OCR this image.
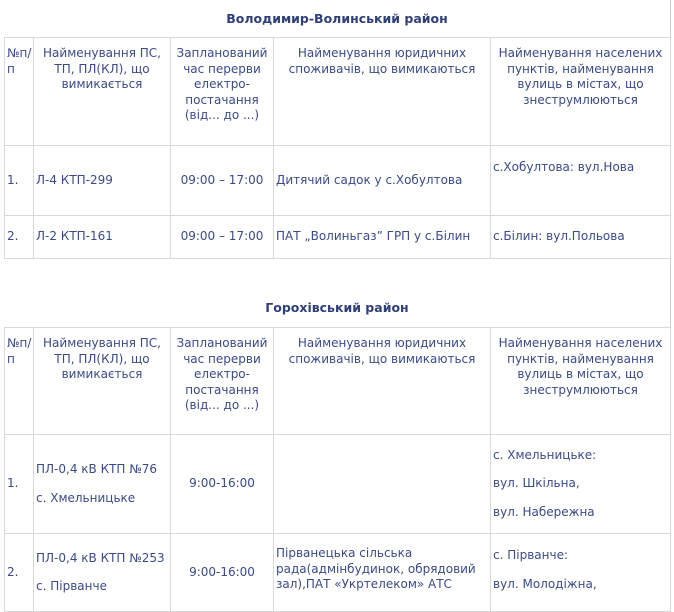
Володимир-Волинський район
№п/
п	Найменування ПС,
ТП, ПЛ(КЛ), що
вимикається	Запланований
час перерви
електро-
постачання
(від... до ...)	Найменування юридичних
споживачів, що вимикаються	Найменування населених
пунктів, найменування
вулиць в містах, що
знеструмлюються

1.	Л-4 КТП-299	09:00 – 17:00	Дитячий садок у с.Хобултова	с.Хобултова: вул.Нова
2.	Л-2 КТП-161	09:00 – 17:00	ПАТ „Волиньгаз” ГРП у с.Білин	с.Білин: вул.Польова
Горохівський район
№п/
п	Найменування ПС,
ТП, ПЛ(КЛ), що
вимикається	Запланований
час перерви
електро-
постачання
(від... до ...)	Найменування юридичних
споживачів, що вимикаються	Найменування населених
пунктів, найменування
вулиць в містах, що
знеструмлюються

1.	ПЛ-0,4 кВ КТП №76
с. Хмельницьке	9:00-16:00		с. Хмельницьке:
вул. Шкільна,
вул. Набережна

2.	ПЛ-0,4 кВ КТП №253
с. Пірванче	9:00-16:00	Пірванецька сільська
рада(адмінбудинок, обрядовий
зал),ПАТ «Укртелеком» АТС	с. Пірванче:
вул. Молодіжна,
